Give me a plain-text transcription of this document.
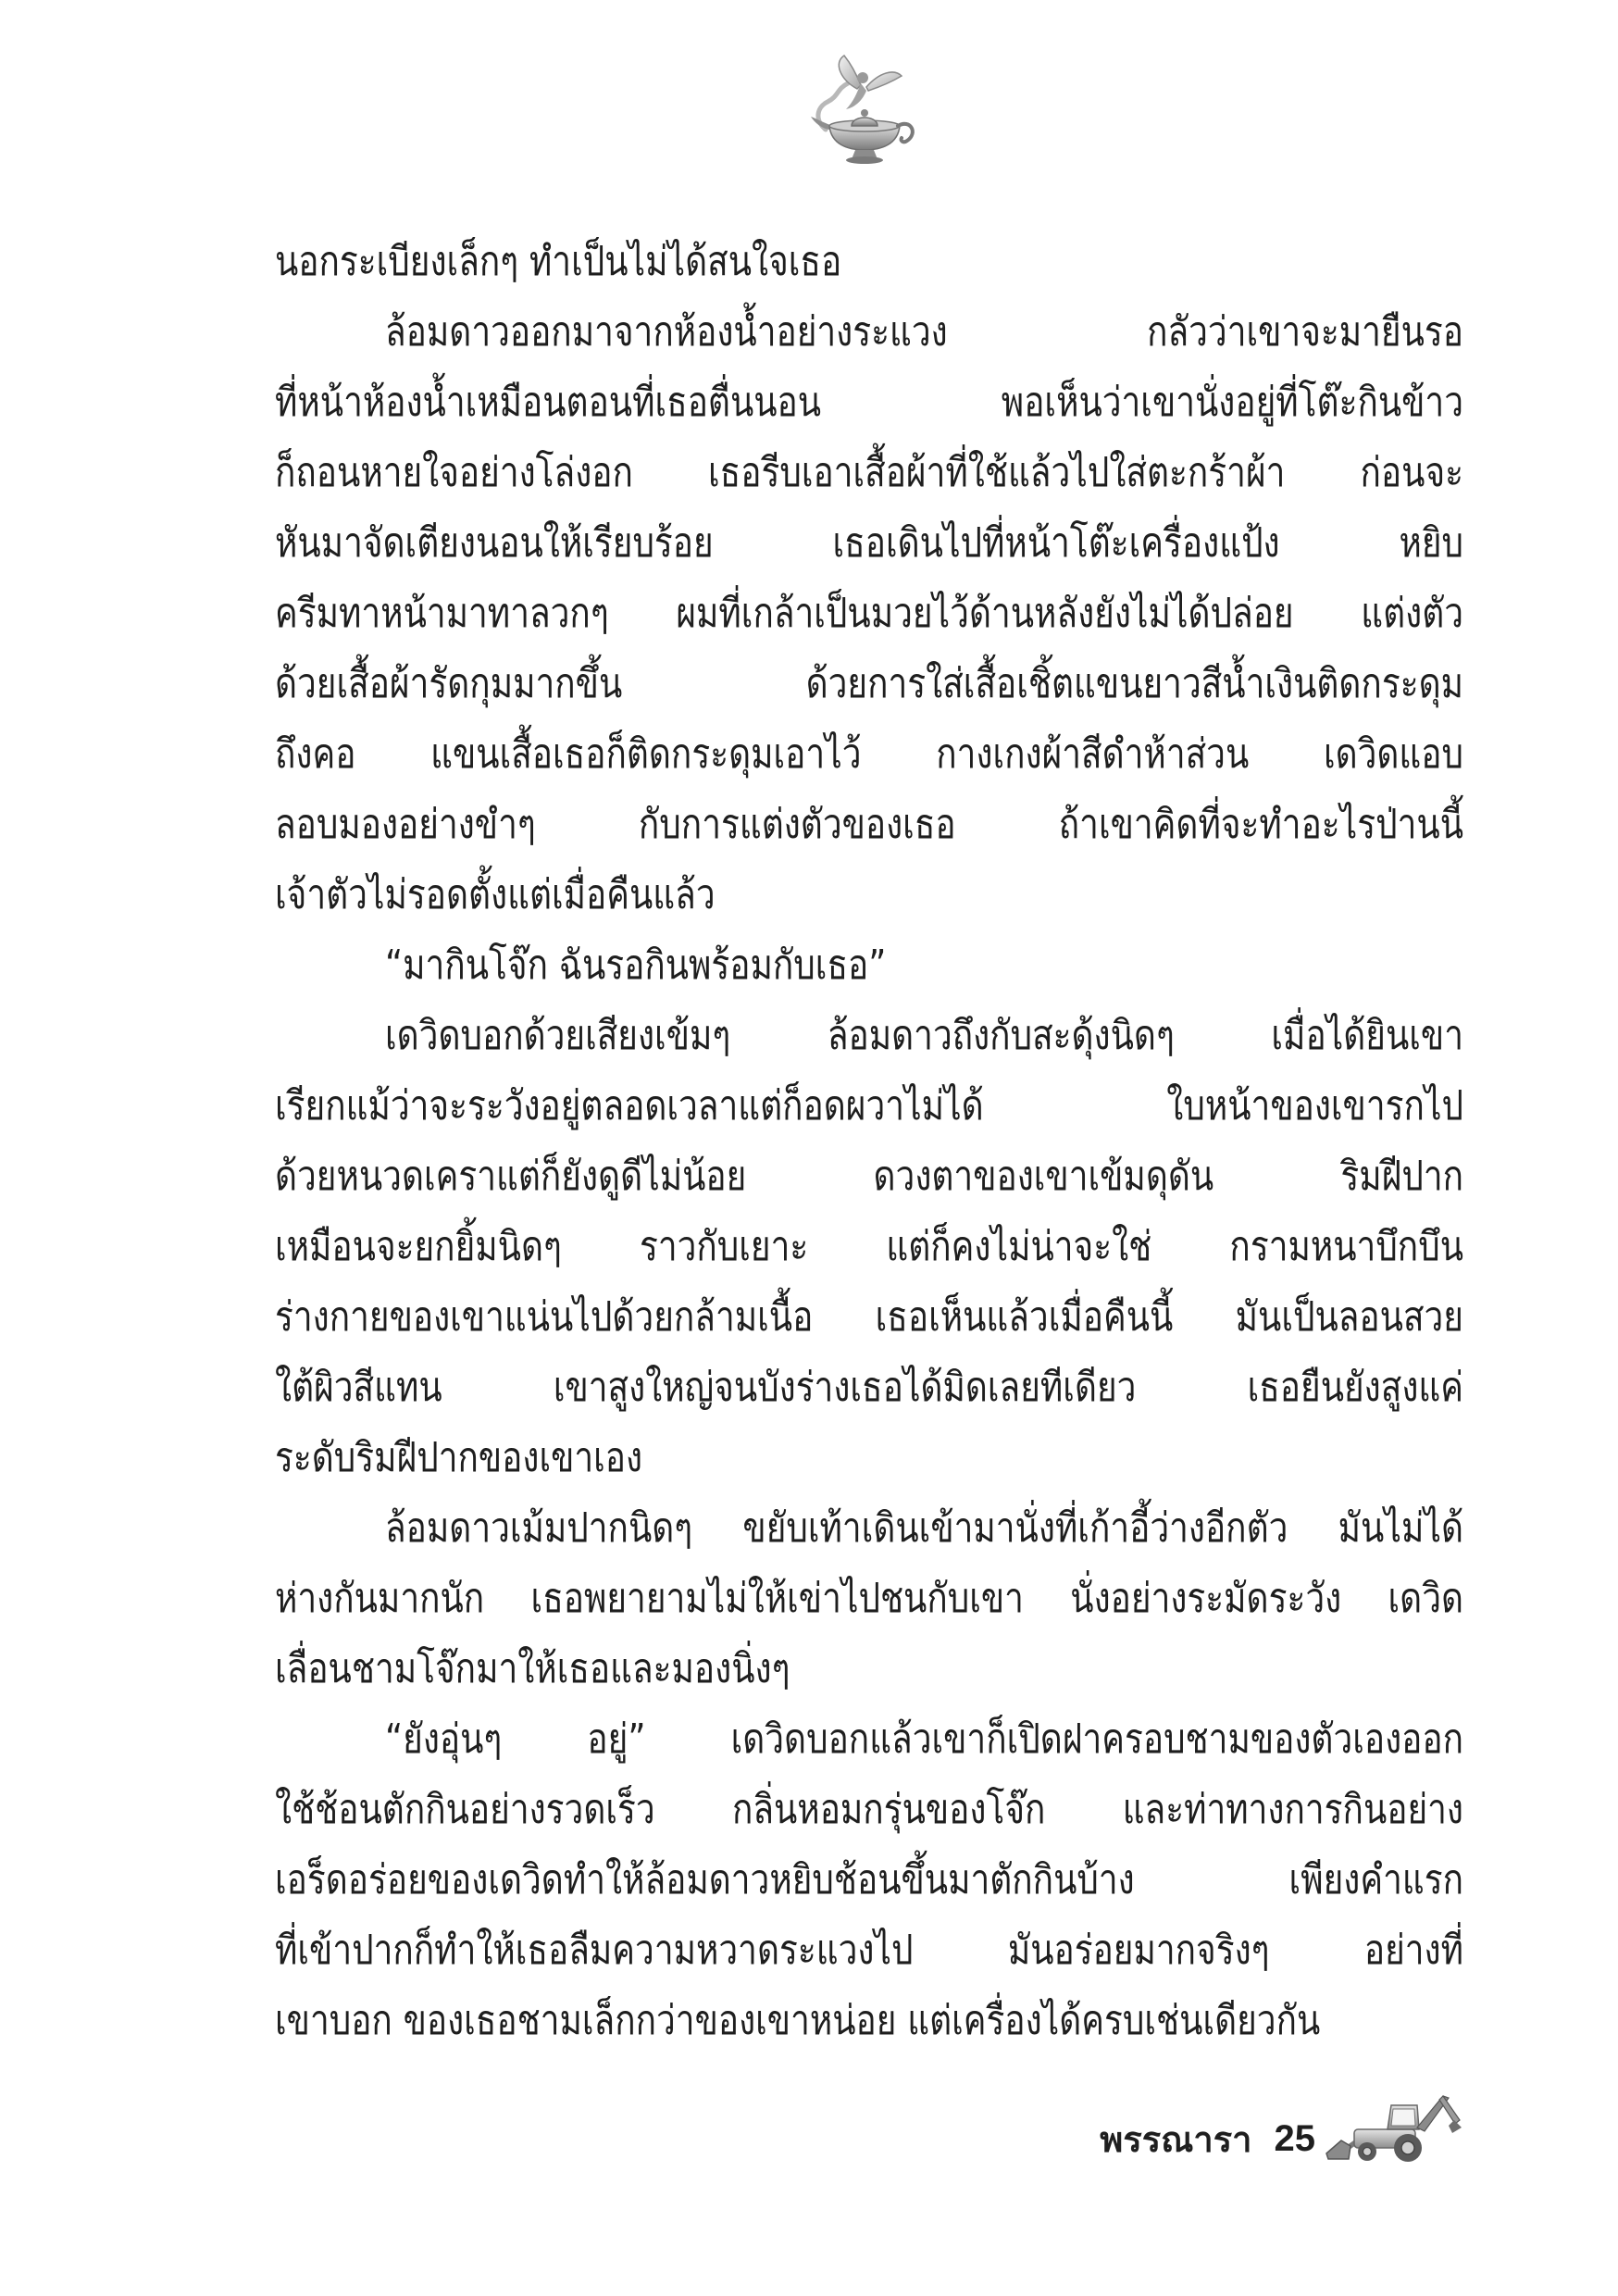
นอกระเบียงเล็กๆ ทำเป็นไม่ได้สนใจเธอ
ล้อมดาวออกมาจากห้องน้ำอย่างระแวง กลัวว่าเขาจะมายืนรอ
ที่หน้าห้องน้ำเหมือนตอนที่เธอตื่นนอน พอเห็นว่าเขานั่งอยู่ที่โต๊ะกินข้าว
ก็ถอนหายใจอย่างโล่งอก เธอรีบเอาเสื้อผ้าที่ใช้แล้วไปใส่ตะกร้าผ้า ก่อนจะ
หันมาจัดเตียงนอนให้เรียบร้อย เธอเดินไปที่หน้าโต๊ะเครื่องแป้ง หยิบ
ครีมทาหน้ามาทาลวกๆ ผมที่เกล้าเป็นมวยไว้ด้านหลังยังไม่ได้ปล่อย แต่งตัว
ด้วยเสื้อผ้ารัดกุมมากขึ้น ด้วยการใส่เสื้อเชิ้ตแขนยาวสีน้ำเงินติดกระดุม
ถึงคอ แขนเสื้อเธอก็ติดกระดุมเอาไว้ กางเกงผ้าสีดำห้าส่วน เดวิดแอบ
ลอบมองอย่างขำๆ กับการแต่งตัวของเธอ ถ้าเขาคิดที่จะทำอะไรป่านนี้
เจ้าตัวไม่รอดตั้งแต่เมื่อคืนแล้ว
“มากินโจ๊ก ฉันรอกินพร้อมกับเธอ”
เดวิดบอกด้วยเสียงเข้มๆ ล้อมดาวถึงกับสะดุ้งนิดๆ เมื่อได้ยินเขา
เรียกแม้ว่าจะระวังอยู่ตลอดเวลาแต่ก็อดผวาไม่ได้ ใบหน้าของเขารกไป
ด้วยหนวดเคราแต่ก็ยังดูดีไม่น้อย ดวงตาของเขาเข้มดุดัน ริมฝีปาก
เหมือนจะยกยิ้มนิดๆ ราวกับเยาะ แต่ก็คงไม่น่าจะใช่ กรามหนาบึกบึน
ร่างกายของเขาแน่นไปด้วยกล้ามเนื้อ เธอเห็นแล้วเมื่อคืนนี้ มันเป็นลอนสวย
ใต้ผิวสีแทน เขาสูงใหญ่จนบังร่างเธอได้มิดเลยทีเดียว เธอยืนยังสูงแค่
ระดับริมฝีปากของเขาเอง
ล้อมดาวเม้มปากนิดๆ ขยับเท้าเดินเข้ามานั่งที่เก้าอี้ว่างอีกตัว มันไม่ได้
ห่างกันมากนัก เธอพยายามไม่ให้เข่าไปชนกับเขา นั่งอย่างระมัดระวัง เดวิด
เลื่อนชามโจ๊กมาให้เธอและมองนิ่งๆ
“ยังอุ่นๆ อยู่” เดวิดบอกแล้วเขาก็เปิดฝาครอบชามของตัวเองออก
ใช้ช้อนตักกินอย่างรวดเร็ว กลิ่นหอมกรุ่นของโจ๊ก และท่าทางการกินอย่าง
เอร็ดอร่อยของเดวิดทำให้ล้อมดาวหยิบช้อนขึ้นมาตักกินบ้าง เพียงคำแรก
ที่เข้าปากก็ทำให้เธอลืมความหวาดระแวงไป มันอร่อยมากจริงๆ อย่างที่
เขาบอก ของเธอชามเล็กกว่าของเขาหน่อย แต่เครื่องได้ครบเช่นเดียวกัน
พรรณารา 25
